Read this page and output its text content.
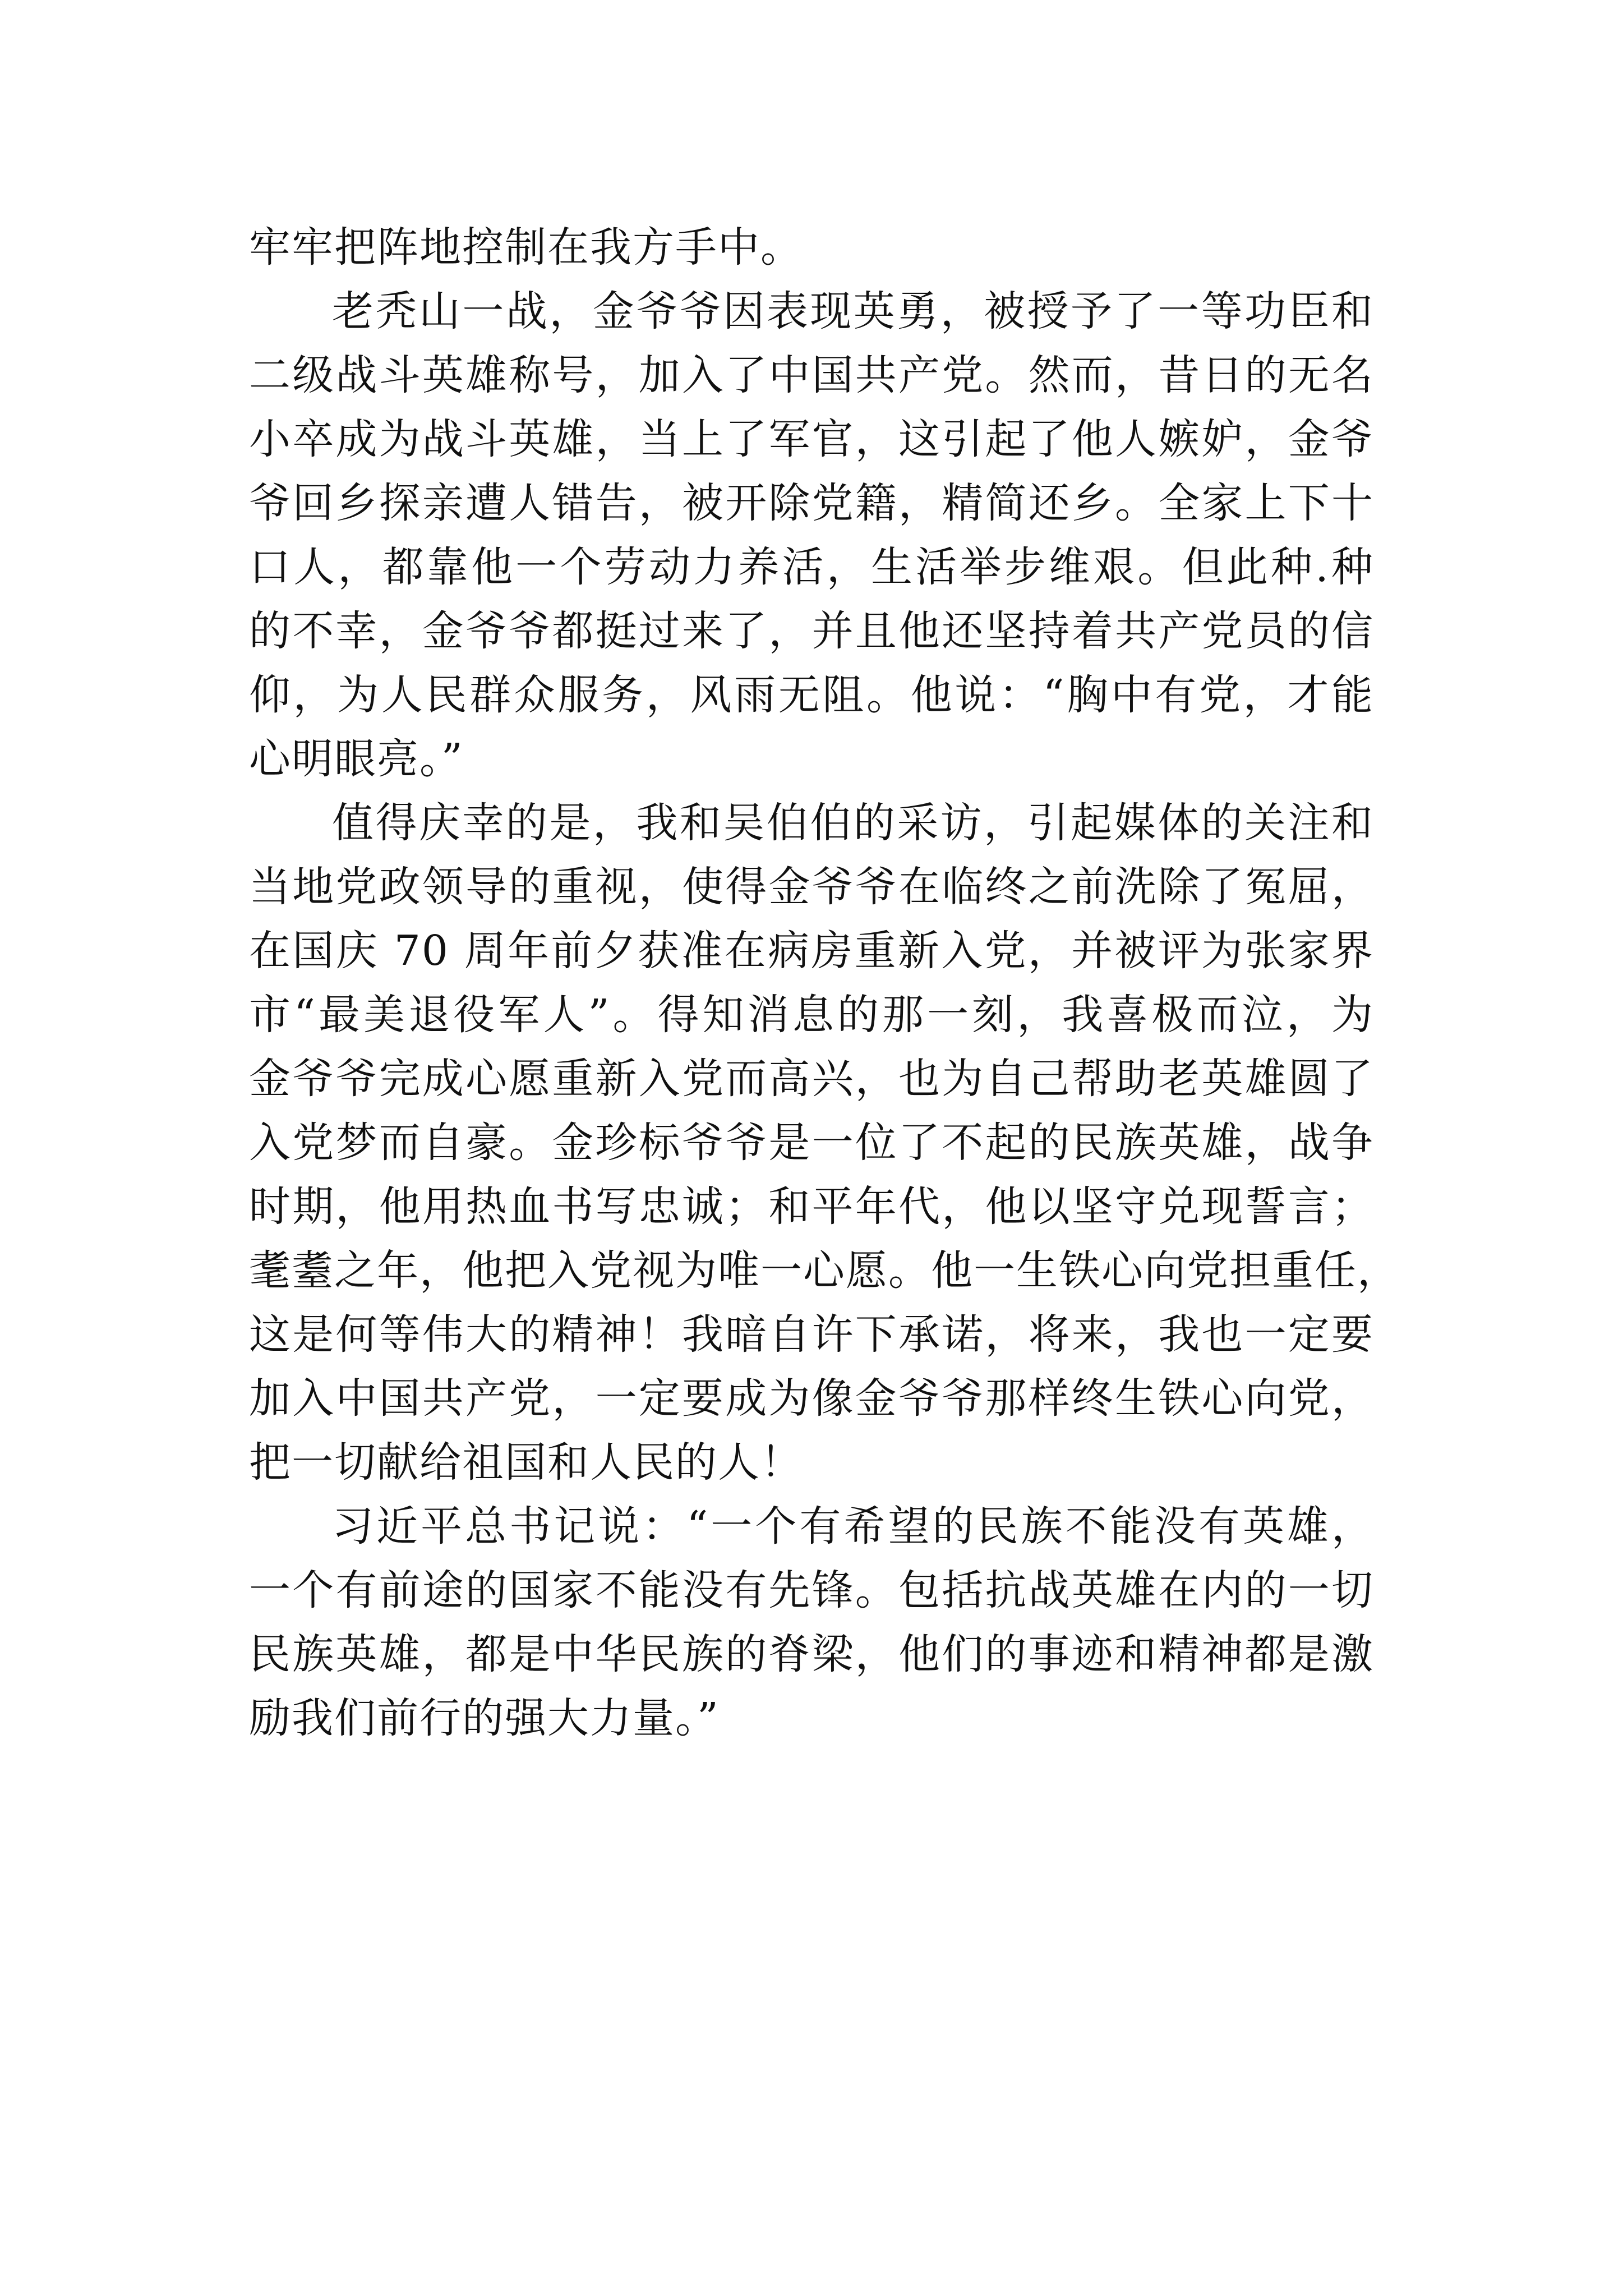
牢牢把阵地控制在我方手中。
老秃山一战，金爷爷因表现英勇，被授予了一等功臣和
二级战斗英雄称号，加入了中国共产党。然而，昔日的无名
小卒成为战斗英雄，当上了军官，这引起了他人嫉妒，金爷
爷回乡探亲遭人错告，被开除党籍，精简还乡。全家上下十
口人，都靠他一个劳动力养活，生活举步维艰。但此种.种
的不幸，金爷爷都挺过来了，并且他还坚持着共产党员的信
仰，为人民群众服务，风雨无阻。他说：“胸中有党，才能
心明眼亮。”
值得庆幸的是，我和吴伯伯的采访，引起媒体的关注和
当地党政领导的重视，使得金爷爷在临终之前洗除了冤屈，
在国庆 70 周年前夕获准在病房重新入党，并被评为张家界
市“最美退役军人”。得知消息的那一刻，我喜极而泣，为
金爷爷完成心愿重新入党而高兴，也为自己帮助老英雄圆了
入党梦而自豪。金珍标爷爷是一位了不起的民族英雄，战争
时期，他用热血书写忠诚；和平年代，他以坚守兑现誓言；
耄耋之年，他把入党视为唯一心愿。他一生铁心向党担重任，
这是何等伟大的精神！我暗自许下承诺，将来，我也一定要
加入中国共产党，一定要成为像金爷爷那样终生铁心向党，
把一切献给祖国和人民的人！
习近平总书记说：“一个有希望的民族不能没有英雄，
一个有前途的国家不能没有先锋。包括抗战英雄在内的一切
民族英雄，都是中华民族的脊梁，他们的事迹和精神都是激
励我们前行的强大力量。”
